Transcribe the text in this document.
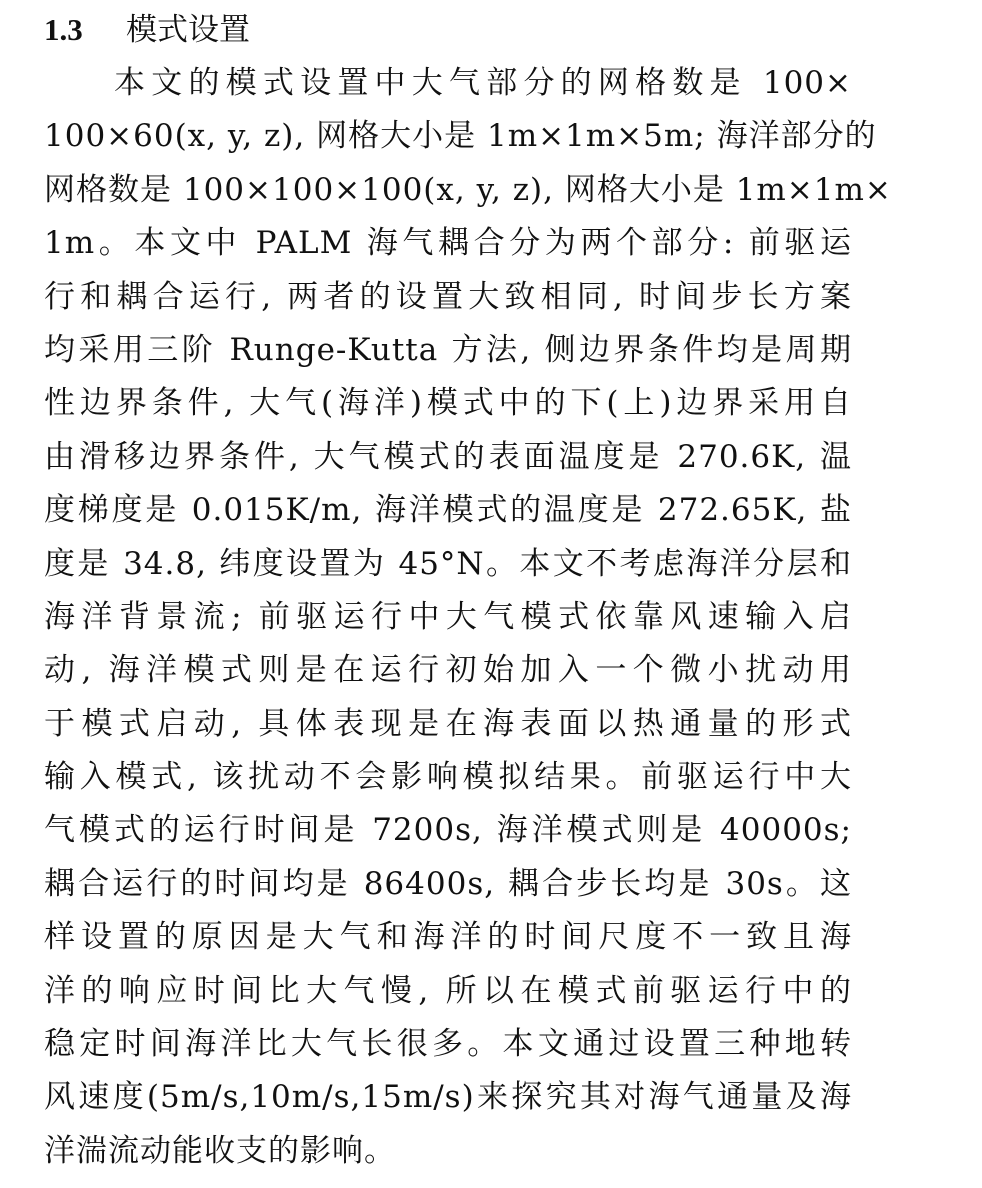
1.3 模式设置
本文的模式设置中大气部分的网格数是 100×
100×60(x, y, z), 网格大小是 1m×1m×5m; 海洋部分的
网格数是 100×100×100(x, y, z), 网格大小是 1m×1m×
1m。本文中 PALM 海气耦合分为两个部分: 前驱运
行和耦合运行, 两者的设置大致相同, 时间步长方案
均采用三阶 Runge-Kutta 方法, 侧边界条件均是周期
性边界条件, 大气(海洋)模式中的下(上)边界采用自
由滑移边界条件, 大气模式的表面温度是 270.6K, 温
度梯度是 0.015K/m, 海洋模式的温度是 272.65K, 盐
度是 34.8, 纬度设置为 45°N。本文不考虑海洋分层和
海洋背景流; 前驱运行中大气模式依靠风速输入启
动, 海洋模式则是在运行初始加入一个微小扰动用
于模式启动, 具体表现是在海表面以热通量的形式
输入模式, 该扰动不会影响模拟结果。前驱运行中大
气模式的运行时间是 7200s, 海洋模式则是 40000s;
耦合运行的时间均是 86400s, 耦合步长均是 30s。这
样设置的原因是大气和海洋的时间尺度不一致且海
洋的响应时间比大气慢, 所以在模式前驱运行中的
稳定时间海洋比大气长很多。本文通过设置三种地转
风速度(5m/s,10m/s,15m/s)来探究其对海气通量及海
洋湍流动能收支的影响。
